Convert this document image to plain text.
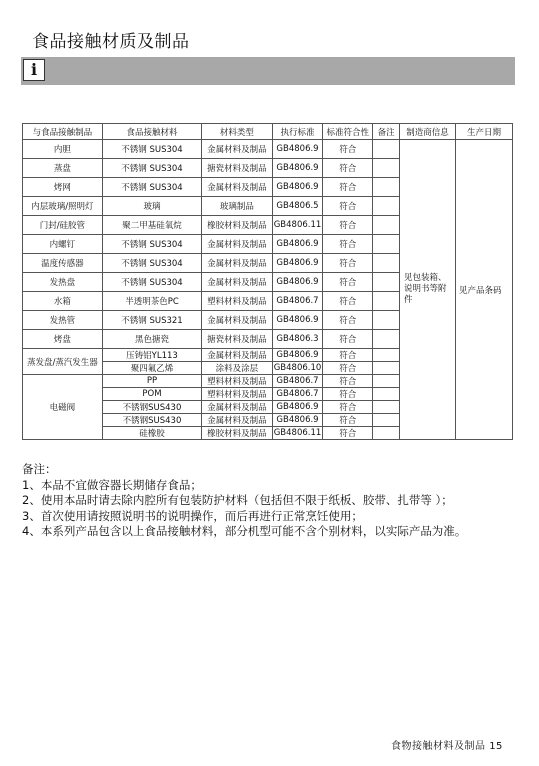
食品接触材质及制品
i
与食品接触制品	食品接触材料	材料类型	执行标准	标准符合性	备注	制造商信息	生产日期
内胆	不锈钢 SUS304	金属材料及制品	GB4806.9	符合		见包装箱、说明书等附件	见产品条码
蒸盘	不锈钢 SUS304	搪瓷材料及制品	GB4806.9	符合			
烤网	不锈钢 SUS304	金属材料及制品	GB4806.9	符合			
内层玻璃/照明灯	玻璃	玻璃制品	GB4806.5	符合			
门封/硅胶管	聚二甲基硅氧烷	橡胶材料及制品	GB4806.11	符合			
内螺钉	不锈钢 SUS304	金属材料及制品	GB4806.9	符合			
温度传感器	不锈钢 SUS304	金属材料及制品	GB4806.9	符合			
发热盘	不锈钢 SUS304	金属材料及制品	GB4806.9	符合			
水箱	半透明茶色PC	塑料材料及制品	GB4806.7	符合			
发热管	不锈钢 SUS321	金属材料及制品	GB4806.9	符合			
烤盘	黑色搪瓷	搪瓷材料及制品	GB4806.3	符合			
蒸发盘/蒸汽发生器	压铸铝YL113	金属材料及制品	GB4806.9	符合			
	聚四氟乙烯	涂料及涂层	GB4806.10	符合			
电磁阀	PP	塑料材料及制品	GB4806.7	符合			
	POM	塑料材料及制品	GB4806.7	符合			
	不锈钢SUS430	金属材料及制品	GB4806.9	符合			
	不锈钢SUS430	金属材料及制品	GB4806.9	符合			
	硅橡胶	橡胶材料及制品	GB4806.11	符合			
备注：
1、本品不宜做容器长期储存食品；
2、使用本品时请去除内腔所有包装防护材料（包括但不限于纸板、胶带、扎带等 ）；
3、首次使用请按照说明书的说明操作，而后再进行正常烹饪使用；
4、本系列产品包含以上食品接触材料，部分机型可能不含个别材料，以实际产品为准。
食物接触材料及制品 15
